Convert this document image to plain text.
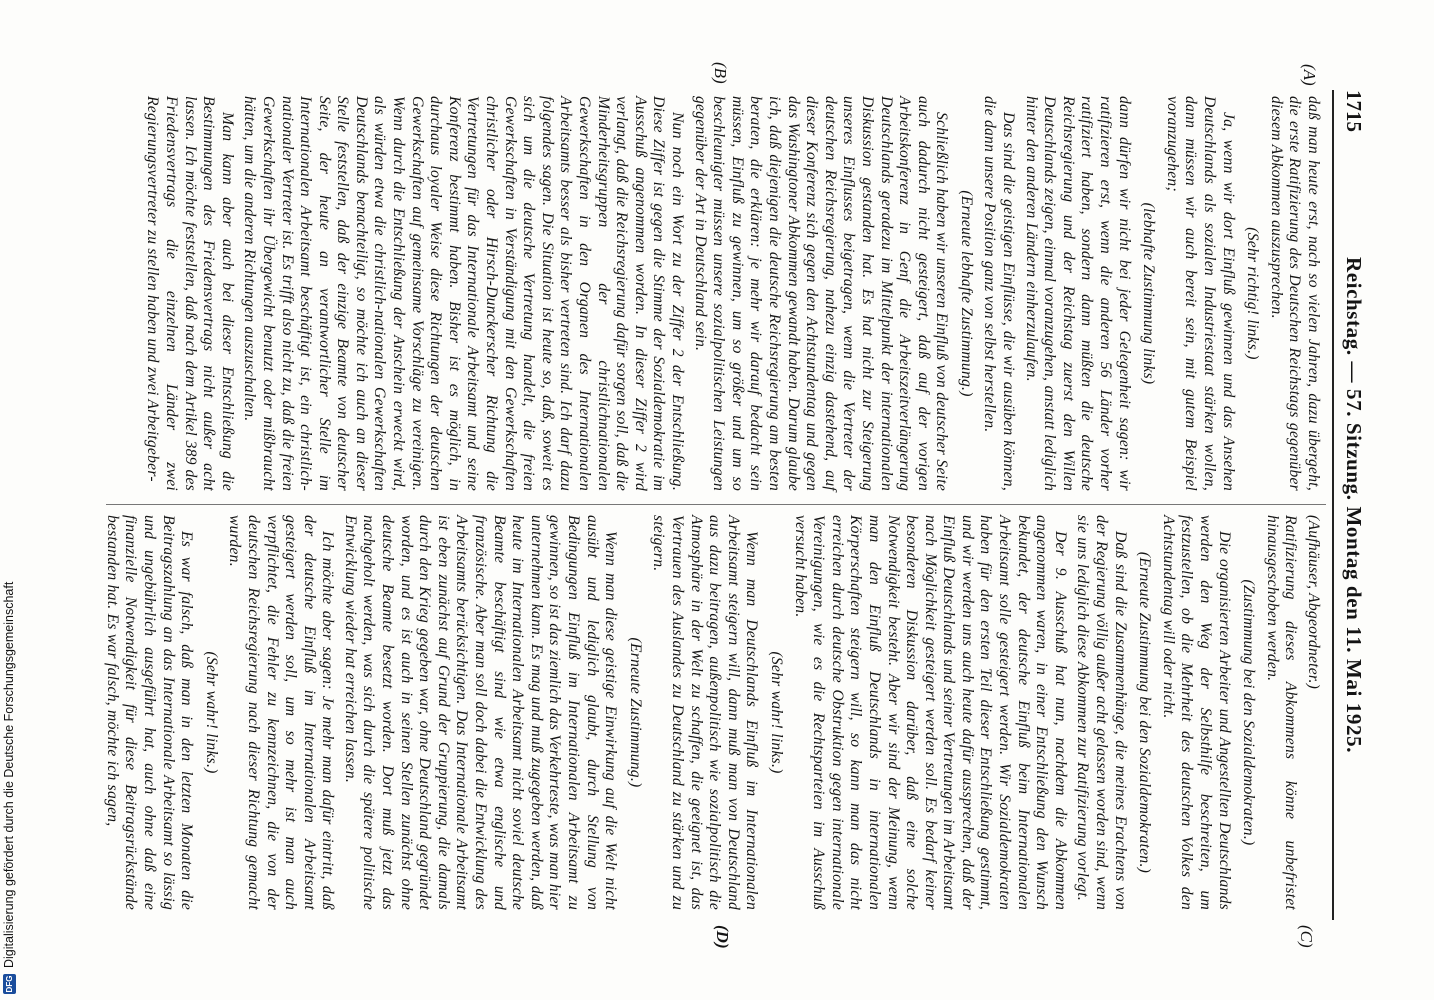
1715
Reichstag. — 57. Sitzung. Montag den 11. Mai 1925.
(C)
(D)
(A)
(B)

daß man heute erst, nach so vielen Jahren, dazu übergeht, die erste Ratifizierung des Deutschen Reichstags gegenüber diesem Abkommen auszusprechen.

(Sehr richtig! links.)

Ja, wenn wir dort Einfluß gewinnen und das Ansehen Deutschlands als sozialen Industriestaat stärken wollen, dann müssen wir auch bereit sein, mit gutem Beispiel voranzugehen;

(lebhafte Zustimmung links)

dann dürfen wir nicht bei jeder Gelegenheit sagen: wir ratifizieren erst, wenn die anderen 56 Länder vorher ratifiziert haben, sondern dann müßten die deutsche Reichsregierung und der Reichstag zuerst den Willen Deutschlands zeigen, einmal voranzugehen, anstatt lediglich hinter den anderen Ländern einherzulaufen.

Das sind die geistigen Einflüsse, die wir ausüben können, die dann unsere Position ganz von selbst herstellen.

(Erneute lebhafte Zustimmung.)

Schließlich haben wir unseren Einfluß von deutscher Seite auch dadurch nicht gesteigert, daß auf der vorigen Arbeitskonferenz in Genf die Arbeitszeitverlängerung Deutschlands geradezu im Mittelpunkt der internationalen Diskussion gestanden hat. Es hat nicht zur Steigerung unseres Einflusses beigetragen, wenn die Vertreter der deutschen Reichsregierung, nahezu einzig dastehend, auf dieser Konferenz sich gegen den Achtstundentag und gegen das Washingtoner Abkommen gewandt haben. Darum glaube ich, daß diejenigen die deutsche Reichsregierung am besten beraten, die erklären: je mehr wir darauf bedacht sein müssen, Einfluß zu gewinnen, um so größer und um so beschleunigter müssen unsere sozialpolitischen Leistungen gegenüber der Art in Deutschland sein.

Nun noch ein Wort zu der Ziffer 2 der Entschließung. Diese Ziffer ist gegen die Stimme der Sozialdemokratie im Ausschuß angenommen worden. In dieser Ziffer 2 wird verlangt, daß die Reichsregierung dafür sorgen soll, daß die Minderheitsgruppen der christlichnationalen Gewerkschaften in den Organen des Internationalen Arbeitsamts besser als bisher vertreten sind. Ich darf dazu folgendes sagen. Die Situation ist heute so, daß, soweit es sich um die deutsche Vertretung handelt, die freien Gewerkschaften in Verständigung mit den Gewerkschaften christlicher oder Hirsch-Dunckerscher Richtung die Vertretungen für das Internationale Arbeitsamt und seine Konferenz bestimmt haben. Bisher ist es möglich, in durchaus loyaler Weise diese Richtungen der deutschen Gewerkschaften auf gemeinsame Vorschläge zu vereinigen. Wenn durch die Entschließung der Anschein erweckt wird, als würden etwa die christlich-nationalen Gewerkschaften Deutschlands benachteiligt, so möchte ich auch an dieser Stelle feststellen, daß der einzige Beamte von deutscher Seite, der heute an verantwortlicher Stelle im Internationalen Arbeitsamt beschäftigt ist, ein christlich-nationaler Vertreter ist. Es trifft also nicht zu, daß die freien Gewerkschaften ihr Übergewicht benutzt oder mißbraucht hätten, um die anderen Richtungen auszuschalten.

Man kann aber auch bei dieser Entschließung die Bestimmungen des Friedensvertrags nicht außer acht lassen. Ich möchte feststellen, daß nach dem Artikel 389 des Friedensvertrags die einzelnen Länder zwei Regierungsvertreter zu stellen haben und zwei Arbeitgeber-

(Aufhäuser, Abgeordneter.)

Ratifizierung dieses Abkommens könne unbefristet hinausgeschoben werden.

(Zustimmung bei den Sozialdemokraten.)

Die organisierten Arbeiter und Angestellten Deutschlands werden den Weg der Selbsthilfe beschreiten, um festzustellen, ob die Mehrheit des deutschen Volkes den Achtstundentag will oder nicht.

(Erneute Zustimmung bei den Sozialdemokraten.)

Daß sind die Zusammenhänge, die meines Erachtens von der Regierung völlig außer acht gelassen worden sind, wenn sie uns lediglich diese Abkommen zur Ratifizierung vorlegt.

Der 9. Ausschuß hat nun, nachdem die Abkommen angenommen waren, in einer Entschließung den Wunsch bekundet, der deutsche Einfluß beim Internationalen Arbeitsamt solle gesteigert werden. Wir Sozialdemokraten haben für den ersten Teil dieser Entschließung gestimmt, und wir werden uns auch heute dafür aussprechen, daß der Einfluß Deutschlands und seiner Vertretungen im Arbeitsamt nach Möglichkeit gesteigert werden soll. Es bedarf keiner besonderen Diskussion darüber, daß eine solche Notwendigkeit besteht. Aber wir sind der Meinung, wenn man den Einfluß Deutschlands in internationalen Körperschaften steigern will, so kann man das nicht erreichen durch deutsche Obstruktion gegen internationale Vereinigungen, wie es die Rechtsparteien im Ausschuß versucht haben.

(Sehr wahr! links.)

Wenn man Deutschlands Einfluß im Internationalen Arbeitsamt steigern will, dann muß man von Deutschland aus dazu beitragen, außenpolitisch wie sozialpolitisch die Atmosphäre in der Welt zu schaffen, die geeignet ist, das Vertrauen des Auslandes zu Deutschland zu stärken und zu steigern.

(Erneute Zustimmung.)

Wenn man diese geistige Einwirkung auf die Welt nicht ausübt und lediglich glaubt, durch Stellung von Bedingungen Einfluß im Internationalen Arbeitsamt zu gewinnen, so ist das ziemlich das Verkehrteste, was man hier unternehmen kann. Es mag und muß zugegeben werden, daß heute im Internationalen Arbeitsamt nicht soviel deutsche Beamte beschäftigt sind wie etwa englische und französische. Aber man soll doch dabei die Entwicklung des Arbeitsamts berücksichtigen. Das Internationale Arbeitsamt ist eben zunächst auf Grund der Gruppierung, die damals durch den Krieg gegeben war, ohne Deutschland gegründet worden, und es ist auch in seinen Stellen zunächst ohne deutsche Beamte besetzt worden. Dort muß jetzt das nachgeholt werden, was sich durch die spätere politische Entwicklung wieder hat erreichen lassen.

Ich möchte aber sagen: Je mehr man dafür eintritt, daß der deutsche Einfluß im Internationalen Arbeitsamt gesteigert werden soll, um so mehr ist man auch verpflichtet, die Fehler zu kennzeichnen, die von der deutschen Reichsregierung nach dieser Richtung gemacht wurden.

(Sehr wahr! links.)

Es war falsch, daß man in den letzten Monaten die Beitragszahlung an das Internationale Arbeitsamt so lässig und ungebührlich ausgeführt hat, auch ohne daß eine finanzielle Notwendigkeit für diese Beitragsrückstände bestanden hat. Es war falsch, möchte ich sagen,

DFG
Digitalisierung gefördert durch die Deutsche Forschungsgemeinschaft
